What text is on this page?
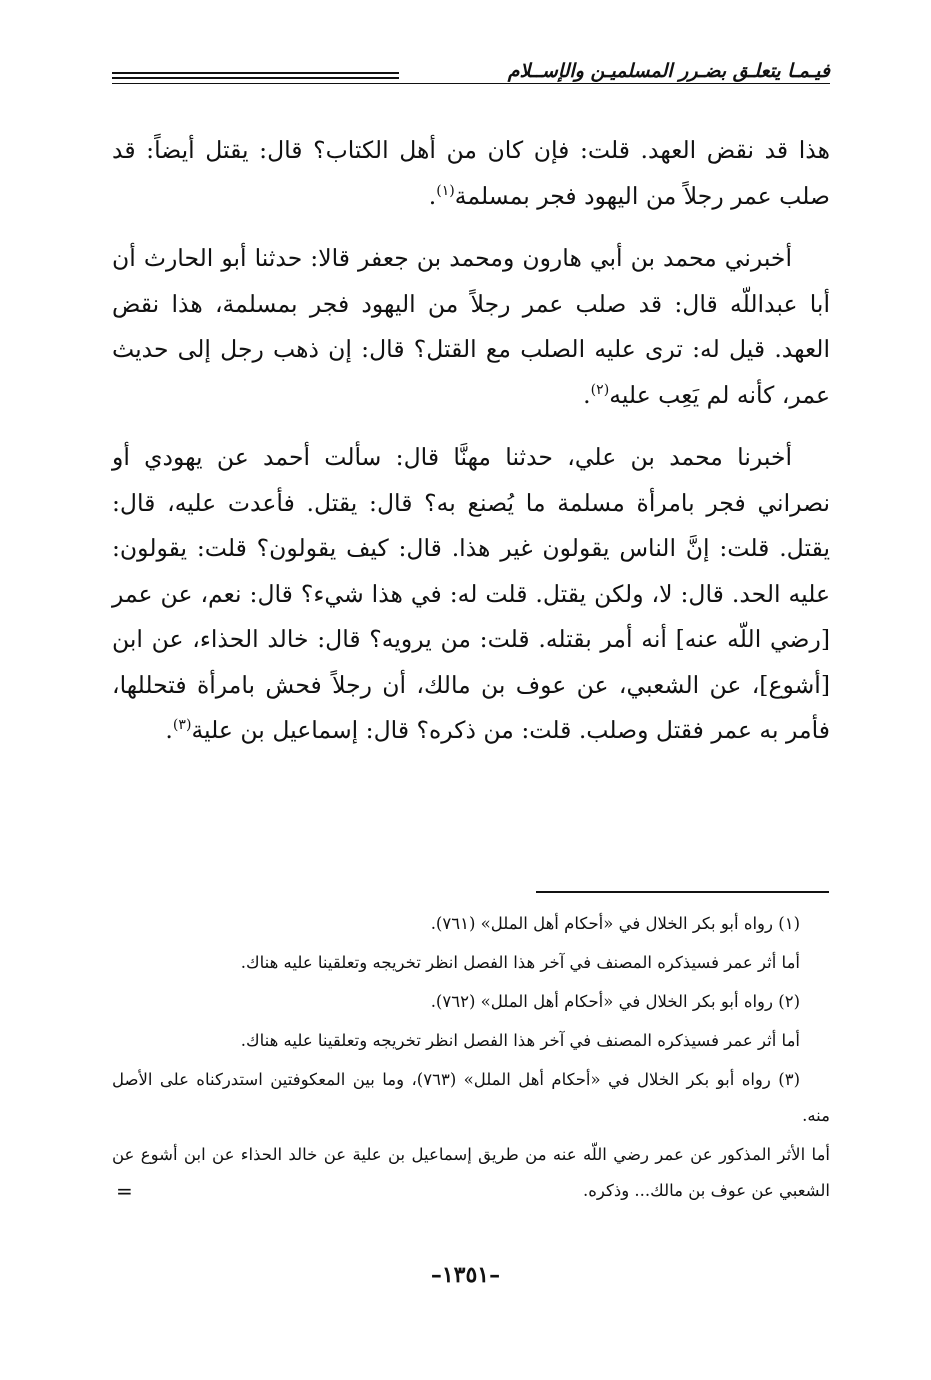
فيـمـا يتعلـق بضـرر المسلميـن والإســلام

هذا قد نقض العهد. قلت: فإن كان من أهل الكتاب؟ قال: يقتل أيضاً: قد صلب عمر رجلاً من اليهود فجر بمسلمة$^{(١)}$.

أخبرني محمد بن أبي هارون ومحمد بن جعفر قالا: حدثنا أبو الحارث أن أبا عبداللّه قال: قد صلب عمر رجلاً من اليهود فجر بمسلمة، هذا نقض العهد. قيل له: ترى عليه الصلب مع القتل؟ قال: إن ذهب رجل إلى حديث عمر، كأنه لم يَعِب عليه$^{(٢)}$.

أخبرنا محمد بن علي، حدثنا مهنَّا قال: سألت أحمد عن يهودي أو نصراني فجر بامرأة مسلمة ما يُصنع به؟ قال: يقتل. فأعدت عليه، قال: يقتل. قلت: إنَّ الناس يقولون غير هذا. قال: كيف يقولون؟ قلت: يقولون: عليه الحد. قال: لا، ولكن يقتل. قلت له: في هذا شيء؟ قال: نعم، عن عمر [رضي اللّه عنه] أنه أمر بقتله. قلت: من يرويه؟ قال: خالد الحذاء، عن ابن [أشوع]، عن الشعبي، عن عوف بن مالك، أن رجلاً فحش بامرأة فتحللها، فأمر به عمر فقتل وصلب. قلت: من ذكره؟ قال: إسماعيل بن علية$^{(٣)}$.

(١) رواه أبو بكر الخلال في «أحكام أهل الملل» (٧٦١).
أما أثر عمر فسيذكره المصنف في آخر هذا الفصل انظر تخريجه وتعلقينا عليه هناك.
(٢) رواه أبو بكر الخلال في «أحكام أهل الملل» (٧٦٢).
أما أثر عمر فسيذكره المصنف في آخر هذا الفصل انظر تخريجه وتعلقينا عليه هناك.
(٣) رواه أبو بكر الخلال في «أحكام أهل الملل» (٧٦٣)، وما بين المعكوفتين استدركناه على الأصل منه.
أما الأثر المذكور عن عمر رضي اللّه عنه من طريق إسماعيل بن علية عن خالد الحذاء عن ابن أشوع عن الشعبي عن عوف بن مالك... وذكره.
=
–١٣٥١–
